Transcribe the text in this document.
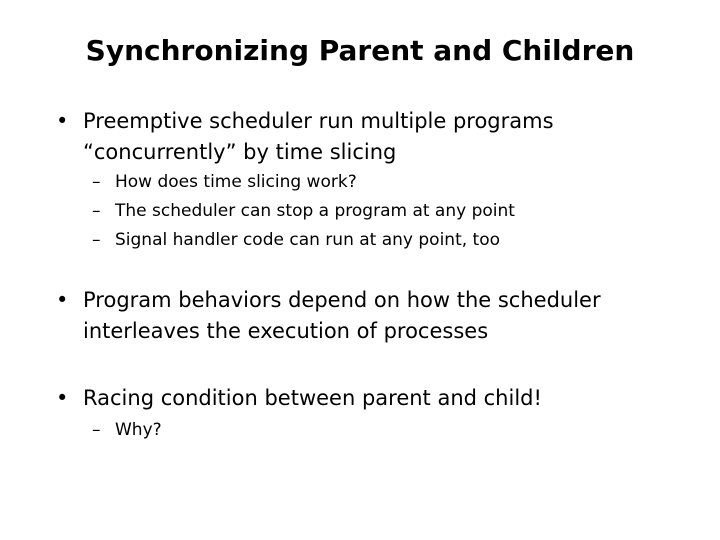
Synchronizing Parent and Children
• Preemptive scheduler run multiple programs
“concurrently” by time slicing
– How does time slicing work?
– The scheduler can stop a program at any point
– Signal handler code can run at any point, too
• Program behaviors depend on how the scheduler
interleaves the execution of processes
• Racing condition between parent and child!
– Why?
